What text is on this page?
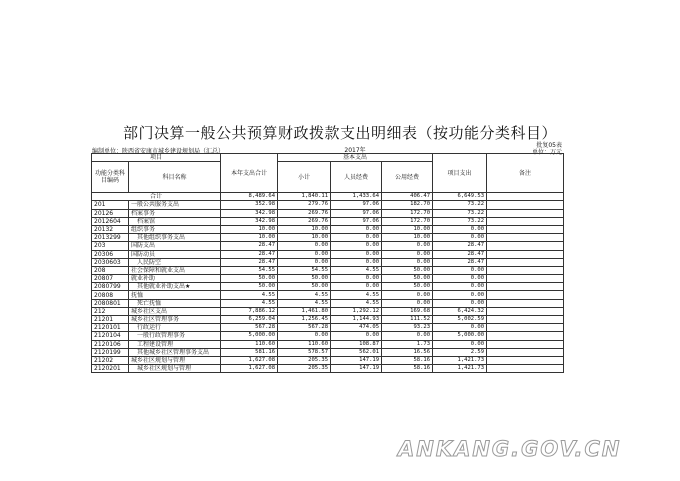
部门决算一般公共预算财政拨款支出明细表（按功能分类科目）
批复05表
编制单位：陕西省安康市城乡建设规划局（汇总）	单位：万元
项目		本年支出合计	2017年
基本支出			项目支出	备注
功能分类科目编码	科目名称		小计	人员经费	公用经费		

合计		8,489.64	1,840.11	1,433.64	406.47	6,649.53	
201	一般公共服务支出	352.98	279.76	97.06	182.70	73.22	
20126	档案事务	342.98	269.76	97.06	172.70	73.22	
2012604	档案馆	342.98	269.76	97.06	172.70	73.22	
20132	组织事务	10.00	10.00	0.00	10.00	0.00	
2013299	其他组织事务支出	10.00	10.00	0.00	10.00	0.00	
203	国防支出	28.47	0.00	0.00	0.00	28.47	
20306	国防动员	28.47	0.00	0.00	0.00	28.47	
2030603	人民防空	28.47	0.00	0.00	0.00	28.47	
208	社会保障和就业支出	54.55	54.55	4.55	50.00	0.00	
20807	就业补助	50.00	50.00	0.00	50.00	0.00	
2080799	其他就业补助支出★	50.00	50.00	0.00	50.00	0.00	
20808	抚恤	4.55	4.55	4.55	0.00	0.00	
2080801	死亡抚恤	4.55	4.55	4.55	0.00	0.00	
212	城乡社区支出	7,886.12	1,461.80	1,292.12	169.68	6,424.32	
21201	城乡社区管理事务	6,259.04	1,256.45	1,144.93	111.52	5,002.59	
2120101	行政运行	567.28	567.28	474.05	93.23	0.00	
2120104	一般行政管理事务	5,000.00	0.00	0.00	0.00	5,000.00	
2120106	工程建设管理	110.60	110.60	108.87	1.73	0.00	
2120199	其他城乡社区管理事务支出	581.16	578.57	562.01	16.56	2.59	
21202	城乡社区规划与管理	1,627.08	205.35	147.19	58.16	1,421.73	
2120201	城乡社区规划与管理	1,627.08	205.35	147.19	58.16	1,421.73	
ANKANG.GOV.CN
